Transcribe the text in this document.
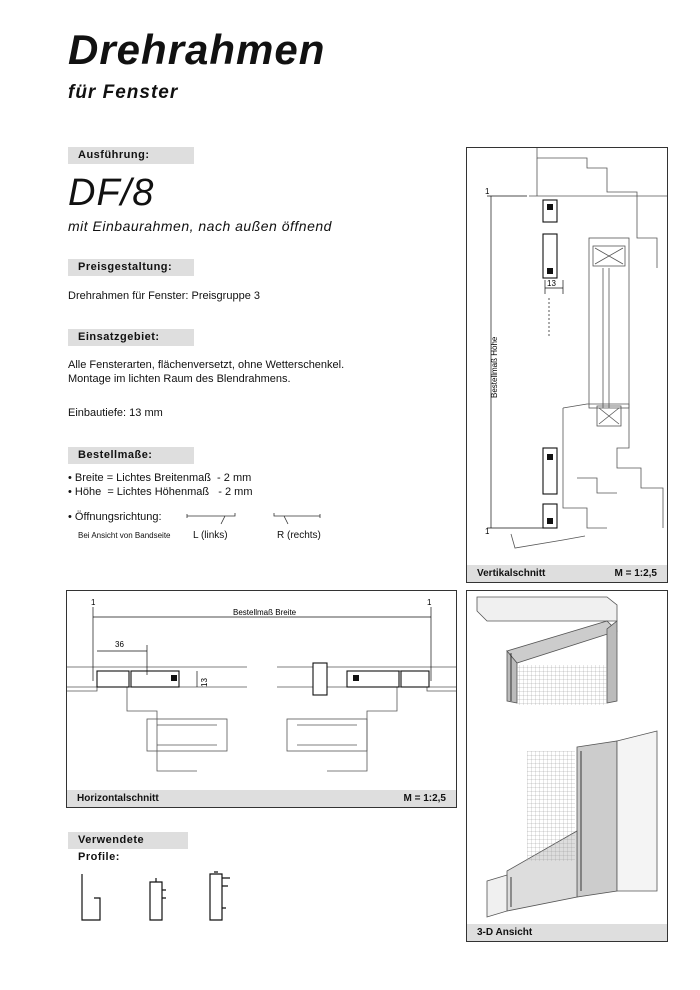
Drehrahmen
für Fenster
Ausführung:
DF/8
mit Einbaurahmen, nach außen öffnend
Preisgestaltung:
Drehrahmen für Fenster: Preisgruppe 3
Einsatzgebiet:
Alle Fensterarten, flächenversetzt, ohne Wetterschenkel.
Montage im lichten Raum des Blendrahmens.
Einbautiefe: 13 mm
Bestellmaße:
• Breite = Lichtes Breitenmaß  - 2 mm
• Höhe  = Lichtes Höhenmaß   - 2 mm
• Öffnungsrichtung:
Bei Ansicht von Bandseite L (links)	R (rechts)
Verwendete Profile:
1
1
13
Bestellmaß Höhe
Vertikalschnitt	M = 1:2,5
1	1
Bestellmaß Breite
36
13
Horizontalschnitt	M = 1:2,5
3-D Ansicht
